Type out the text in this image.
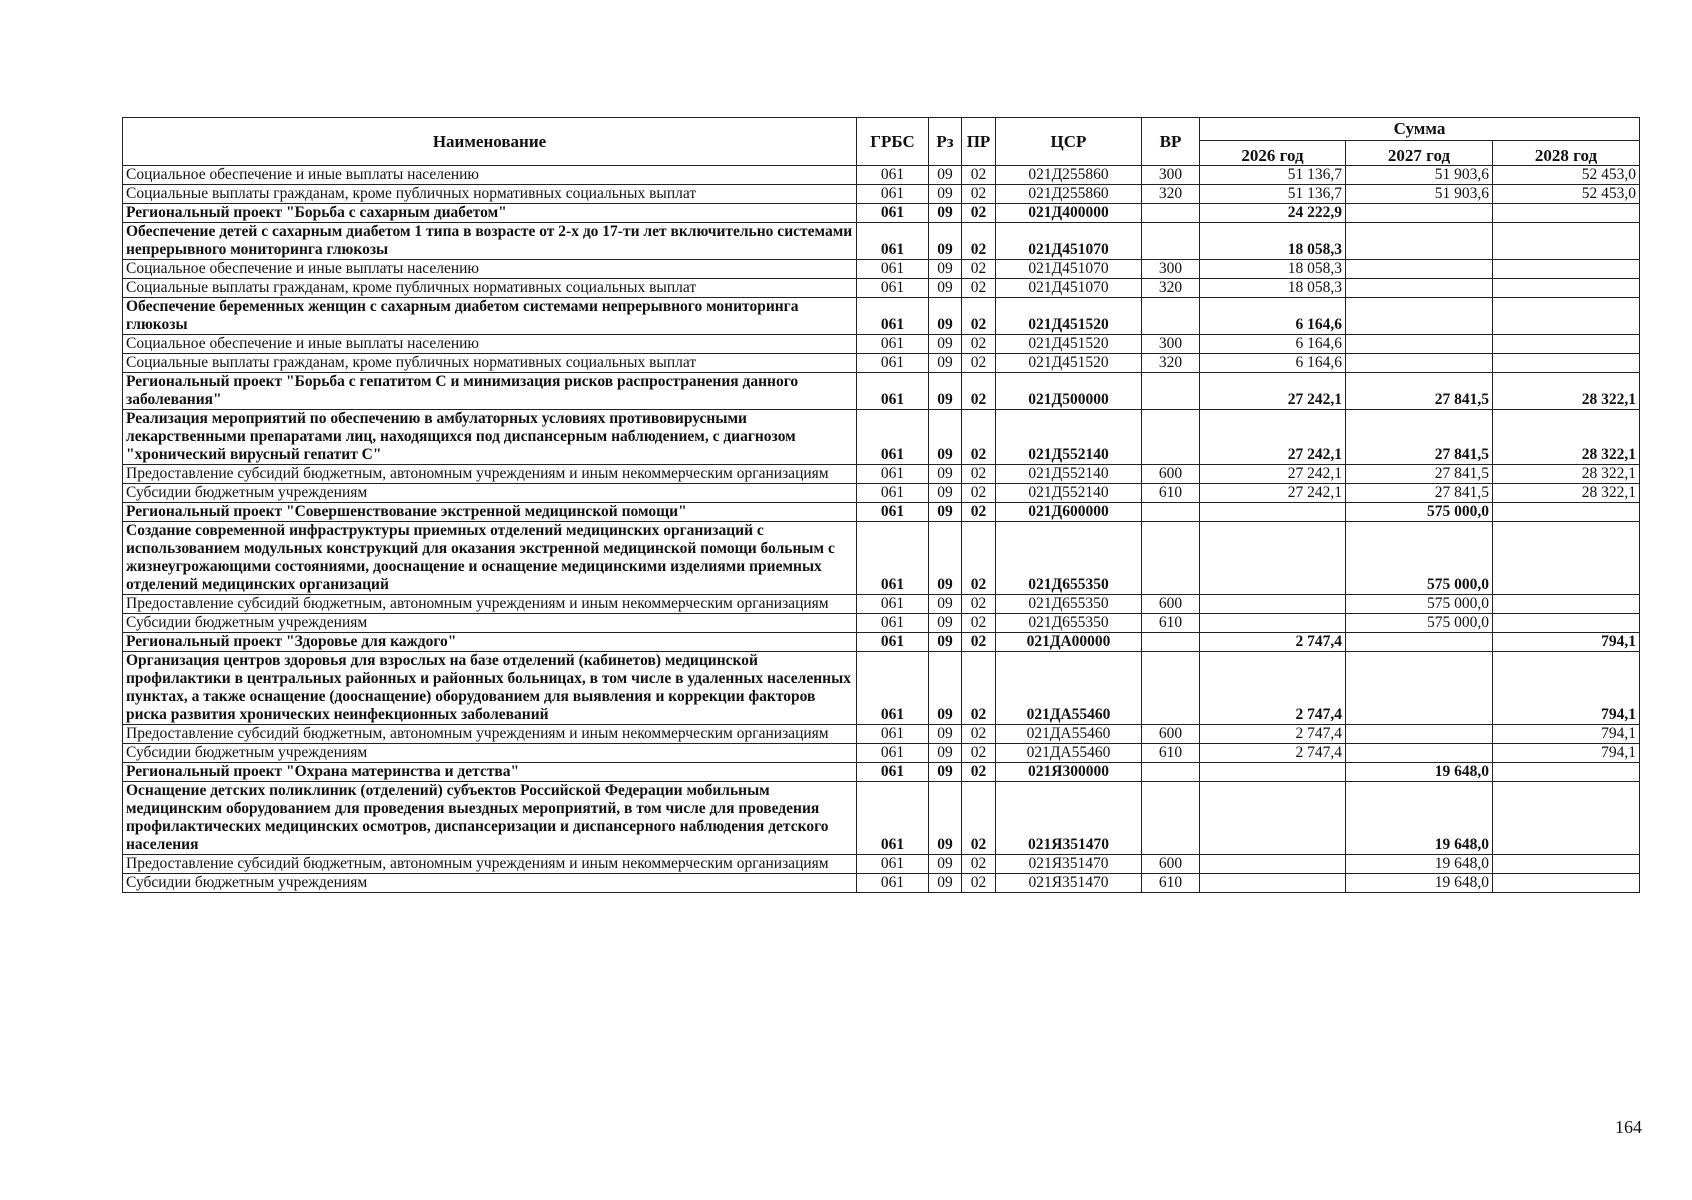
Наименование	ГРБС	Рз	ПР	ЦСР	ВР	Сумма		
						2026 год	2027 год	2028 год
Социальное обеспечение и иные выплаты населению	061	09	02	021Д255860	300	51 136,7	51 903,6	52 453,0
Социальные выплаты гражданам, кроме публичных нормативных социальных выплат	061	09	02	021Д255860	320	51 136,7	51 903,6	52 453,0
Региональный проект "Борьба с сахарным диабетом"	061	09	02	021Д400000		24 222,9		
Обеспечение детей с сахарным диабетом 1 типа в возрасте от 2-х до 17-ти лет включительно системами непрерывного мониторинга глюкозы	061	09	02	021Д451070		18 058,3		
Социальное обеспечение и иные выплаты населению	061	09	02	021Д451070	300	18 058,3		
Социальные выплаты гражданам, кроме публичных нормативных социальных выплат	061	09	02	021Д451070	320	18 058,3		
Обеспечение беременных женщин с сахарным диабетом системами непрерывного мониторинга глюкозы	061	09	02	021Д451520		6 164,6		
Социальное обеспечение и иные выплаты населению	061	09	02	021Д451520	300	6 164,6		
Социальные выплаты гражданам, кроме публичных нормативных социальных выплат	061	09	02	021Д451520	320	6 164,6		
Региональный проект "Борьба с гепатитом С и минимизация рисков распространения данного заболевания"	061	09	02	021Д500000		27 242,1	27 841,5	28 322,1
Реализация мероприятий по обеспечению в амбулаторных условиях противовирусными лекарственными препаратами лиц, находящихся под диспансерным наблюдением, с диагнозом "хронический вирусный гепатит С"	061	09	02	021Д552140		27 242,1	27 841,5	28 322,1
Предоставление субсидий бюджетным, автономным учреждениям и иным некоммерческим организациям	061	09	02	021Д552140	600	27 242,1	27 841,5	28 322,1
Субсидии бюджетным учреждениям	061	09	02	021Д552140	610	27 242,1	27 841,5	28 322,1
Региональный проект "Совершенствование экстренной медицинской помощи"	061	09	02	021Д600000			575 000,0	
Создание современной инфраструктуры приемных отделений медицинских организаций с использованием модульных конструкций для оказания экстренной медицинской помощи больным с жизнеугрожающими состояниями, дооснащение и оснащение медицинскими изделиями приемных отделений медицинских организаций	061	09	02	021Д655350			575 000,0	
Предоставление субсидий бюджетным, автономным учреждениям и иным некоммерческим организациям	061	09	02	021Д655350	600		575 000,0	
Субсидии бюджетным учреждениям	061	09	02	021Д655350	610		575 000,0	
Региональный проект "Здоровье для каждого"	061	09	02	021ДА00000		2 747,4		794,1
Организация центров здоровья для взрослых на базе отделений (кабинетов) медицинской профилактики в центральных районных и районных больницах, в том числе в удаленных населенных пунктах, а также оснащение (дооснащение) оборудованием для выявления и коррекции факторов риска развития хронических неинфекционных заболеваний	061	09	02	021ДА55460		2 747,4		794,1
Предоставление субсидий бюджетным, автономным учреждениям и иным некоммерческим организациям	061	09	02	021ДА55460	600	2 747,4		794,1
Субсидии бюджетным учреждениям	061	09	02	021ДА55460	610	2 747,4		794,1
Региональный проект "Охрана материнства и детства"	061	09	02	021Я300000			19 648,0	
Оснащение детских поликлиник (отделений) субъектов Российской Федерации мобильным медицинским оборудованием для проведения выездных мероприятий, в том числе для проведения профилактических медицинских осмотров, диспансеризации и диспансерного наблюдения детского населения	061	09	02	021Я351470			19 648,0	
Предоставление субсидий бюджетным, автономным учреждениям и иным некоммерческим организациям	061	09	02	021Я351470	600		19 648,0	
Субсидии бюджетным учреждениям	061	09	02	021Я351470	610		19 648,0	
164
